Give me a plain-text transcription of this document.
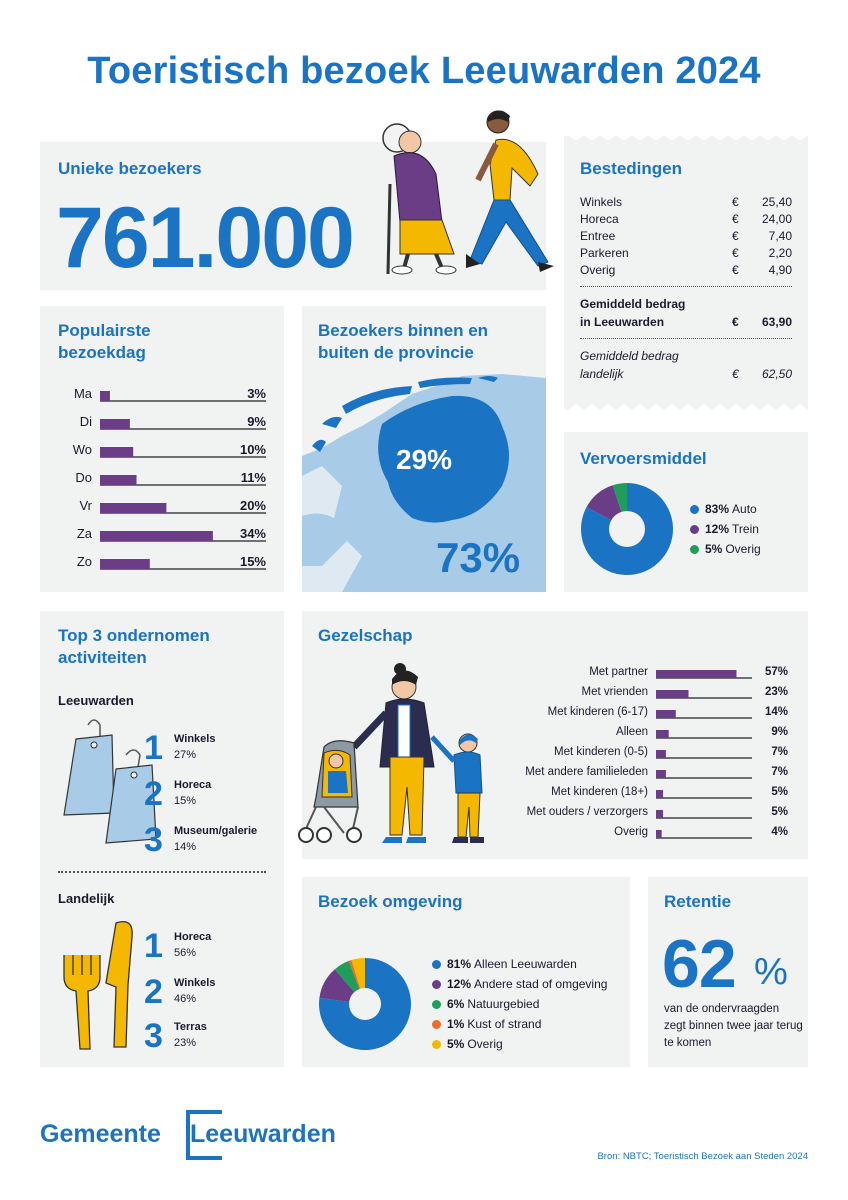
Toeristisch bezoek Leeuwarden 2024
Unieke bezoekers
761.000
Bestedingen
Winkels	€	25,40
Horeca	€	24,00
Entree	€	7,40
Parkeren	€	2,20
Overig	€	4,90
Gemiddeld bedrag
in Leeuwarden	€	63,90
Gemiddeld bedrag
landelijk	€	62,50
Populairste bezoekdag
Ma	3%
Di	9%
Wo	10%
Do	11%
Vr	20%
Za	34%
Zo	15%
Bezoekers binnen en
buiten de provincie
29%
73%
Vervoersmiddel
83% Auto
12% Trein
5% Overig
Top 3 ondernomen
activiteiten
Leeuwarden
1 Winkels
27%
2 Horeca
15%
3 Museum/galerie
14%
Landelijk
1 Horeca
56%
2 Winkels
46%
3 Terras
23%
Gezelschap
Met partner	57%
Met vrienden	23%
Met kinderen (6-17)	14%
Alleen	9%
Met kinderen (0-5)	7%
Met andere familieleden	7%
Met kinderen (18+)	5%
Met ouders / verzorgers	5%
Overig	4%
Bezoek omgeving
81% Alleen Leeuwarden
12% Andere stad of omgeving
6% Natuurgebied
1% Kust of strand
5% Overig
Retentie
62 %
van de ondervraagden zegt binnen twee jaar terug te komen
Gemeente Leeuwarden
Bron: NBTC; Toeristisch Bezoek aan Steden 2024
